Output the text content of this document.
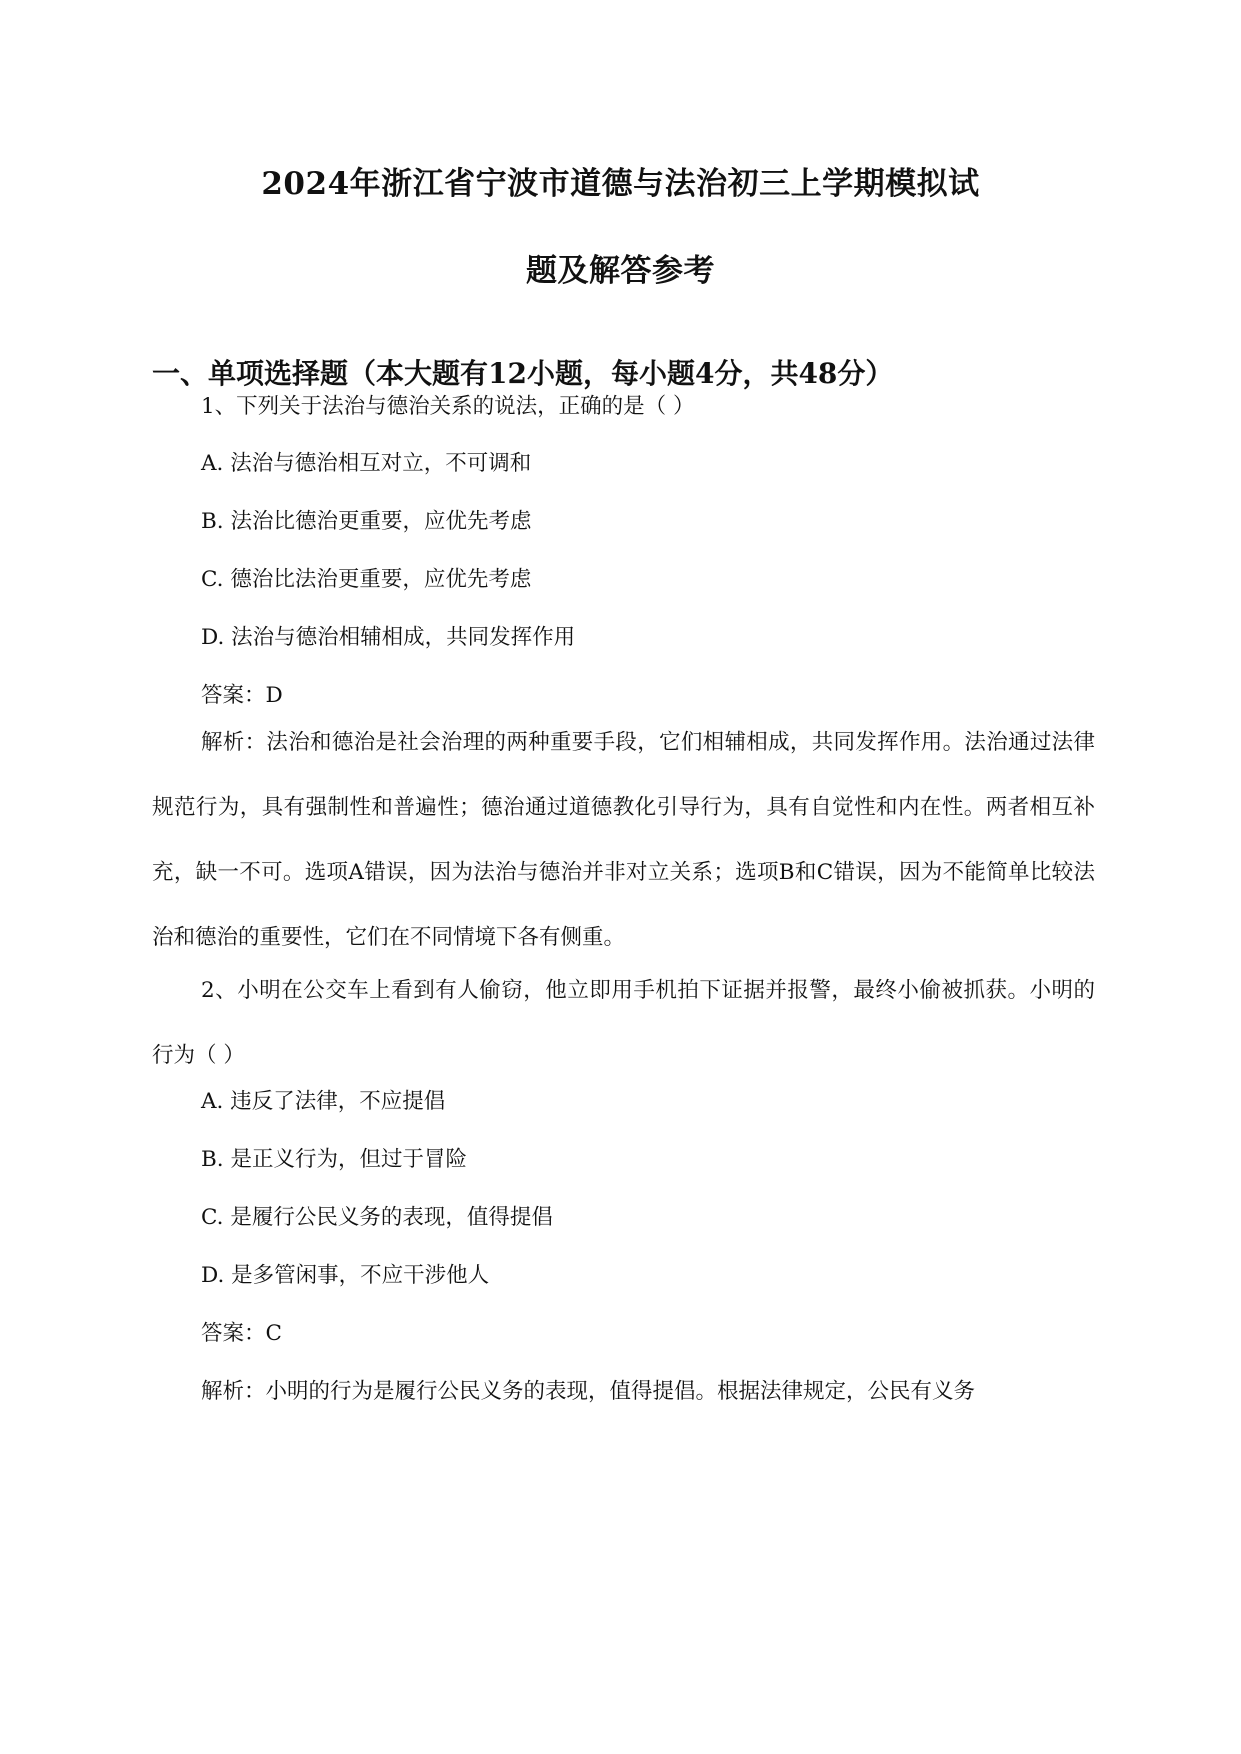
2024年浙江省宁波市道德与法治初三上学期模拟试
题及解答参考
一、单项选择题（本大题有12小题，每小题4分，共48分）
1、下列关于法治与德治关系的说法，正确的是（ ）
A. 法治与德治相互对立，不可调和
B. 法治比德治更重要，应优先考虑
C. 德治比法治更重要，应优先考虑
D. 法治与德治相辅相成，共同发挥作用
答案：D
解析：法治和德治是社会治理的两种重要手段，它们相辅相成，共同发挥作用。法治通过法律规范行为，具有强制性和普遍性；德治通过道德教化引导行为，具有自觉性和内在性。两者相互补充，缺一不可。选项A错误，因为法治与德治并非对立关系；选项B和C错误，因为不能简单比较法治和德治的重要性，它们在不同情境下各有侧重。
2、小明在公交车上看到有人偷窃，他立即用手机拍下证据并报警，最终小偷被抓获。小明的行为（ ）
A. 违反了法律，不应提倡
B. 是正义行为，但过于冒险
C. 是履行公民义务的表现，值得提倡
D. 是多管闲事，不应干涉他人
答案：C
解析：小明的行为是履行公民义务的表现，值得提倡。根据法律规定，公民有义务
